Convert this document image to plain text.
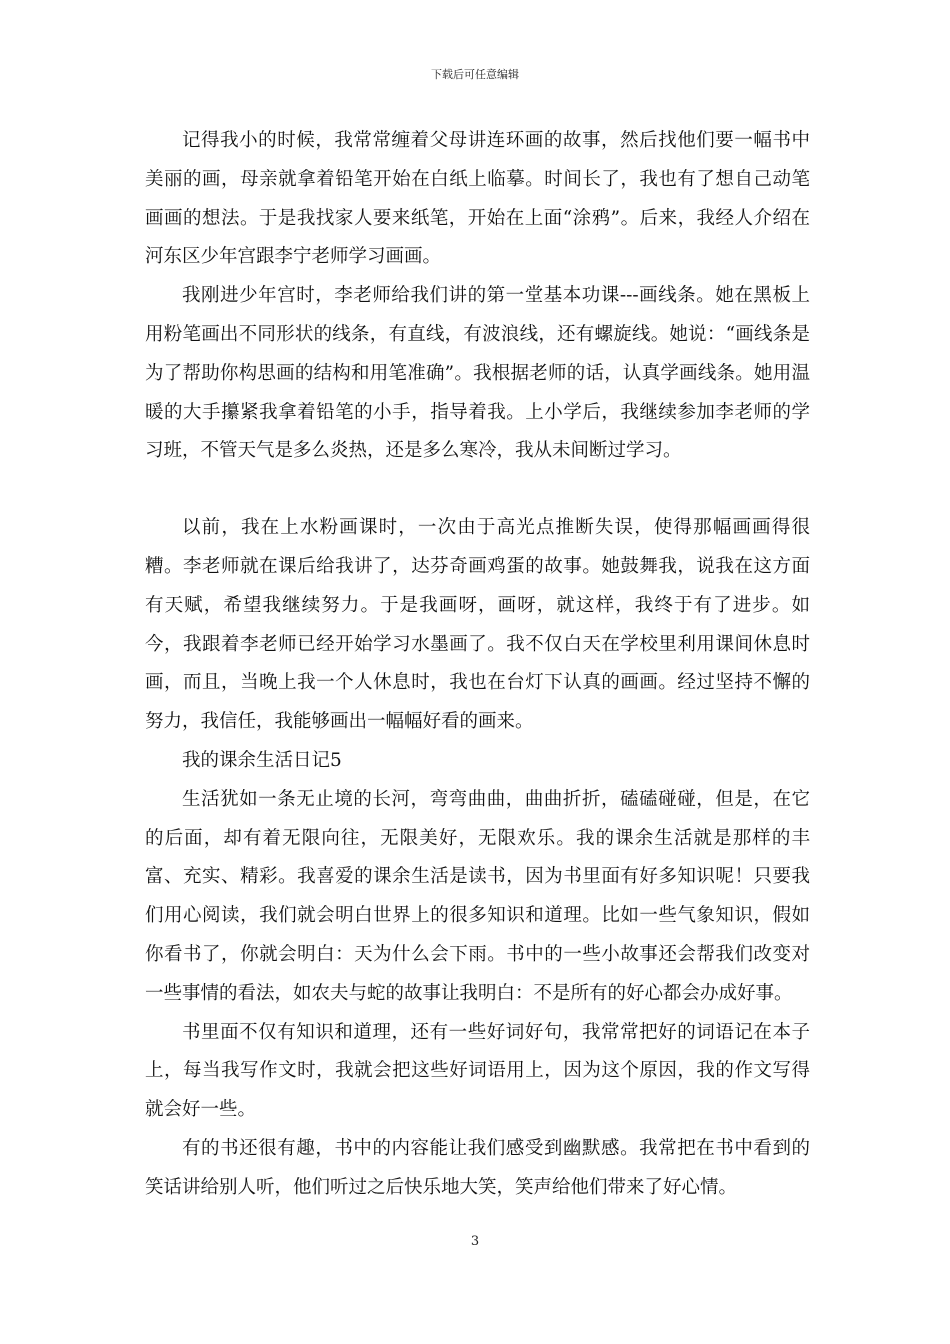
下载后可任意编辑

记得我小的时候，我常常缠着父母讲连环画的故事，然后找他们要一幅书中美丽的画，母亲就拿着铅笔开始在白纸上临摹。时间长了，我也有了想自己动笔画画的想法。于是我找家人要来纸笔，开始在上面“涂鸦”。后来，我经人介绍在河东区少年宫跟李宁老师学习画画。

我刚进少年宫时，李老师给我们讲的第一堂基本功课---画线条。她在黑板上用粉笔画出不同形状的线条，有直线，有波浪线，还有螺旋线。她说：“画线条是为了帮助你构思画的结构和用笔准确”。我根据老师的话，认真学画线条。她用温暖的大手攥紧我拿着铅笔的小手，指导着我。上小学后，我继续参加李老师的学习班，不管天气是多么炎热，还是多么寒冷，我从未间断过学习。

以前，我在上水粉画课时，一次由于高光点推断失误，使得那幅画画得很糟。李老师就在课后给我讲了，达芬奇画鸡蛋的故事。她鼓舞我，说我在这方面有天赋，希望我继续努力。于是我画呀，画呀，就这样，我终于有了进步。如今，我跟着李老师已经开始学习水墨画了。我不仅白天在学校里利用课间休息时画，而且，当晚上我一个人休息时，我也在台灯下认真的画画。经过坚持不懈的努力，我信任，我能够画出一幅幅好看的画来。

我的课余生活日记5

生活犹如一条无止境的长河，弯弯曲曲，曲曲折折，磕磕碰碰，但是，在它的后面，却有着无限向往，无限美好，无限欢乐。我的课余生活就是那样的丰富、充实、精彩。我喜爱的课余生活是读书，因为书里面有好多知识呢！只要我们用心阅读，我们就会明白世界上的很多知识和道理。比如一些气象知识，假如你看书了，你就会明白：天为什么会下雨。书中的一些小故事还会帮我们改变对一些事情的看法，如农夫与蛇的故事让我明白：不是所有的好心都会办成好事。

书里面不仅有知识和道理，还有一些好词好句，我常常把好的词语记在本子上，每当我写作文时，我就会把这些好词语用上，因为这个原因，我的作文写得就会好一些。

有的书还很有趣，书中的内容能让我们感受到幽默感。我常把在书中看到的笑话讲给别人听，他们听过之后快乐地大笑，笑声给他们带来了好心情。

3
